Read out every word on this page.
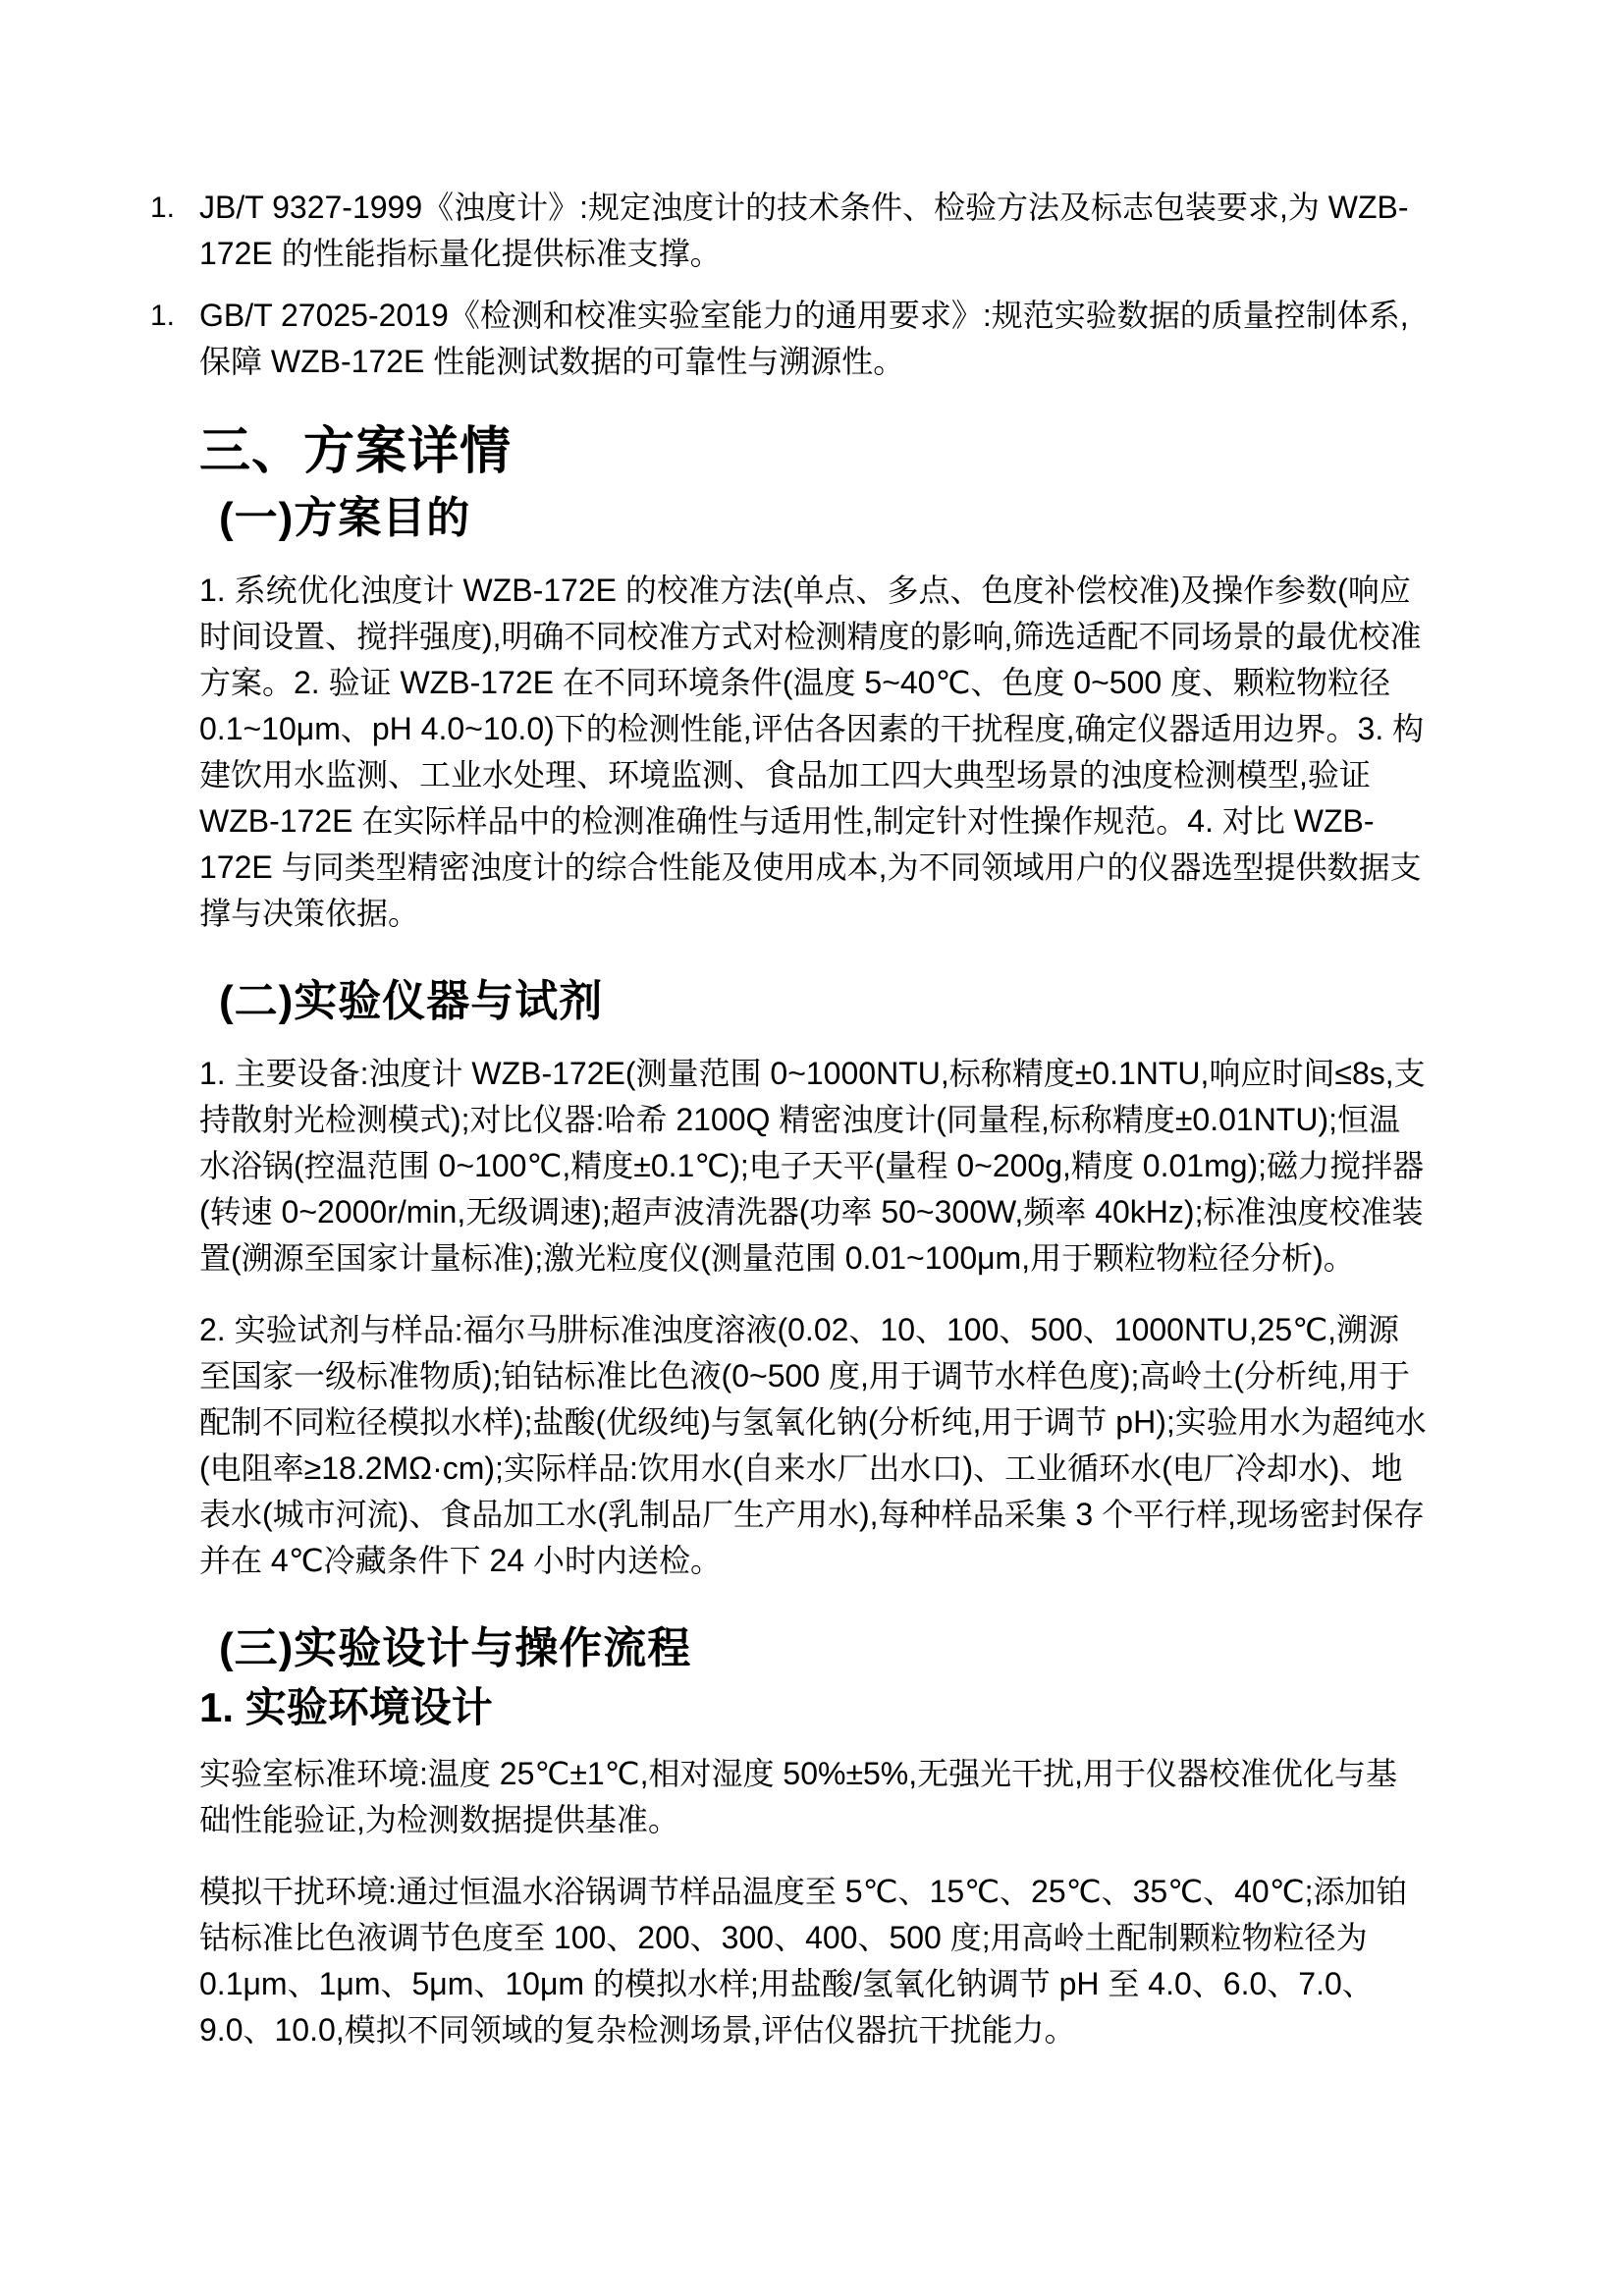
1. JB/T 9327-1999《浊度计》:规定浊度计的技术条件、检验方法及标志包装要求,为 WZB-172E 的性能指标量化提供标准支撑。
1. GB/T 27025-2019《检测和校准实验室能力的通用要求》:规范实验数据的质量控制体系,保障 WZB-172E 性能测试数据的可靠性与溯源性。
三、方案详情
(一)方案目的

1. 系统优化浊度计 WZB-172E 的校准方法(单点、多点、色度补偿校准)及操作参数(响应时间设置、搅拌强度),明确不同校准方式对检测精度的影响,筛选适配不同场景的最优校准方案。2. 验证 WZB-172E 在不同环境条件(温度 5~40℃、色度 0~500 度、颗粒物粒径 0.1~10μm、pH 4.0~10.0)下的检测性能,评估各因素的干扰程度,确定仪器适用边界。3. 构建饮用水监测、工业水处理、环境监测、食品加工四大典型场景的浊度检测模型,验证 WZB-172E 在实际样品中的检测准确性与适用性,制定针对性操作规范。4. 对比 WZB-172E 与同类型精密浊度计的综合性能及使用成本,为不同领域用户的仪器选型提供数据支撑与决策依据。

(二)实验仪器与试剂

1. 主要设备:浊度计 WZB-172E(测量范围 0~1000NTU,标称精度±0.1NTU,响应时间≤8s,支持散射光检测模式);对比仪器:哈希 2100Q 精密浊度计(同量程,标称精度±0.01NTU);恒温水浴锅(控温范围 0~100℃,精度±0.1℃);电子天平(量程 0~200g,精度 0.01mg);磁力搅拌器(转速 0~2000r/min,无级调速);超声波清洗器(功率 50~300W,频率 40kHz);标准浊度校准装置(溯源至国家计量标准);激光粒度仪(测量范围 0.01~100μm,用于颗粒物粒径分析)。

2. 实验试剂与样品:福尔马肼标准浊度溶液(0.02、10、100、500、1000NTU,25℃,溯源至国家一级标准物质);铂钴标准比色液(0~500 度,用于调节水样色度);高岭土(分析纯,用于配制不同粒径模拟水样);盐酸(优级纯)与氢氧化钠(分析纯,用于调节 pH);实验用水为超纯水(电阻率≥18.2MΩ·cm);实际样品:饮用水(自来水厂出水口)、工业循环水(电厂冷却水)、地表水(城市河流)、食品加工水(乳制品厂生产用水),每种样品采集 3 个平行样,现场密封保存并在 4℃冷藏条件下 24 小时内送检。

(三)实验设计与操作流程
1. 实验环境设计

实验室标准环境:温度 25℃±1℃,相对湿度 50%±5%,无强光干扰,用于仪器校准优化与基础性能验证,为检测数据提供基准。

模拟干扰环境:通过恒温水浴锅调节样品温度至 5℃、15℃、25℃、35℃、40℃;添加铂钴标准比色液调节色度至 100、200、300、400、500 度;用高岭土配制颗粒物粒径为 0.1μm、1μm、5μm、10μm 的模拟水样;用盐酸/氢氧化钠调节 pH 至 4.0、6.0、7.0、9.0、10.0,模拟不同领域的复杂检测场景,评估仪器抗干扰能力。
